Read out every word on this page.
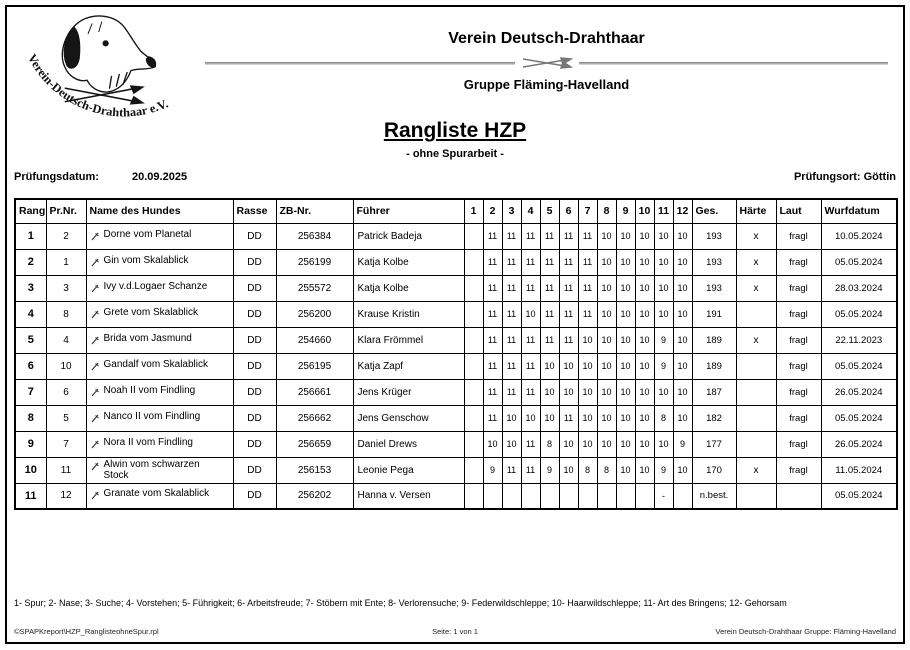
Verein-Deutsch-Drahthaar e.V.
Verein Deutsch-Drahthaar
Gruppe Fläming-Havelland
Rangliste HZP
- ohne Spurarbeit -
Prüfungsdatum:	20.09.2025	Prüfungsort: Göttin
Rang	Pr.Nr.	Name des Hundes	Rasse	ZB-Nr.	Führer	1	2	3	4	5	6	7	8	9	10	11	12	Ges.	Härte	Laut	Wurfdatum
1	2	Dorne vom Planetal	DD	256384	Patrick Badeja		11	11	11	11	11	11	10	10	10	10	10	193	x	fragl	10.05.2024
2	1	Gin vom Skalablick	DD	256199	Katja Kolbe		11	11	11	11	11	11	10	10	10	10	10	193	x	fragl	05.05.2024
3	3	Ivy v.d.Logaer Schanze	DD	255572	Katja Kolbe		11	11	11	11	11	11	10	10	10	10	10	193	x	fragl	28.03.2024
4	8	Grete vom Skalablick	DD	256200	Krause Kristin		11	11	10	11	11	11	10	10	10	10	10	191		fragl	05.05.2024
5	4	Brida vom Jasmund	DD	254660	Klara Frömmel		11	11	11	11	11	10	10	10	10	9	10	189	x	fragl	22.11.2023
6	10	Gandalf vom Skalablick	DD	256195	Katja Zapf		11	11	11	10	10	10	10	10	10	9	10	189		fragl	05.05.2024
7	6	Noah II vom Findling	DD	256661	Jens Krüger		11	11	11	10	10	10	10	10	10	10	10	187		fragl	26.05.2024
8	5	Nanco II vom Findling	DD	256662	Jens Genschow		11	10	10	10	11	10	10	10	10	8	10	182		fragl	05.05.2024
9	7	Nora II vom Findling	DD	256659	Daniel Drews		10	10	11	8	10	10	10	10	10	10	9	177		fragl	26.05.2024
10	11	Alwin vom schwarzen
Stock	DD	256153	Leonie Pega		9	11	11	9	10	8	8	10	10	9	10	170	x	fragl	11.05.2024
11	12	Granate vom Skalablick	DD	256202	Hanna v. Versen											-		n.best.			05.05.2024
1- Spur; 2- Nase; 3- Suche; 4- Vorstehen; 5- Führigkeit; 6- Arbeitsfreude; 7- Stöbern mit Ente; 8- Verlorensuche; 9- Federwildschleppe; 10- Haarwildschleppe; 11- Art des Bringens; 12- Gehorsam
©SPAPKreport\HZP_RanglisteohneSpur.rpl	Seite: 1 von 1	Verein Deutsch-Drahthaar Gruppe: Fläming-Havelland
